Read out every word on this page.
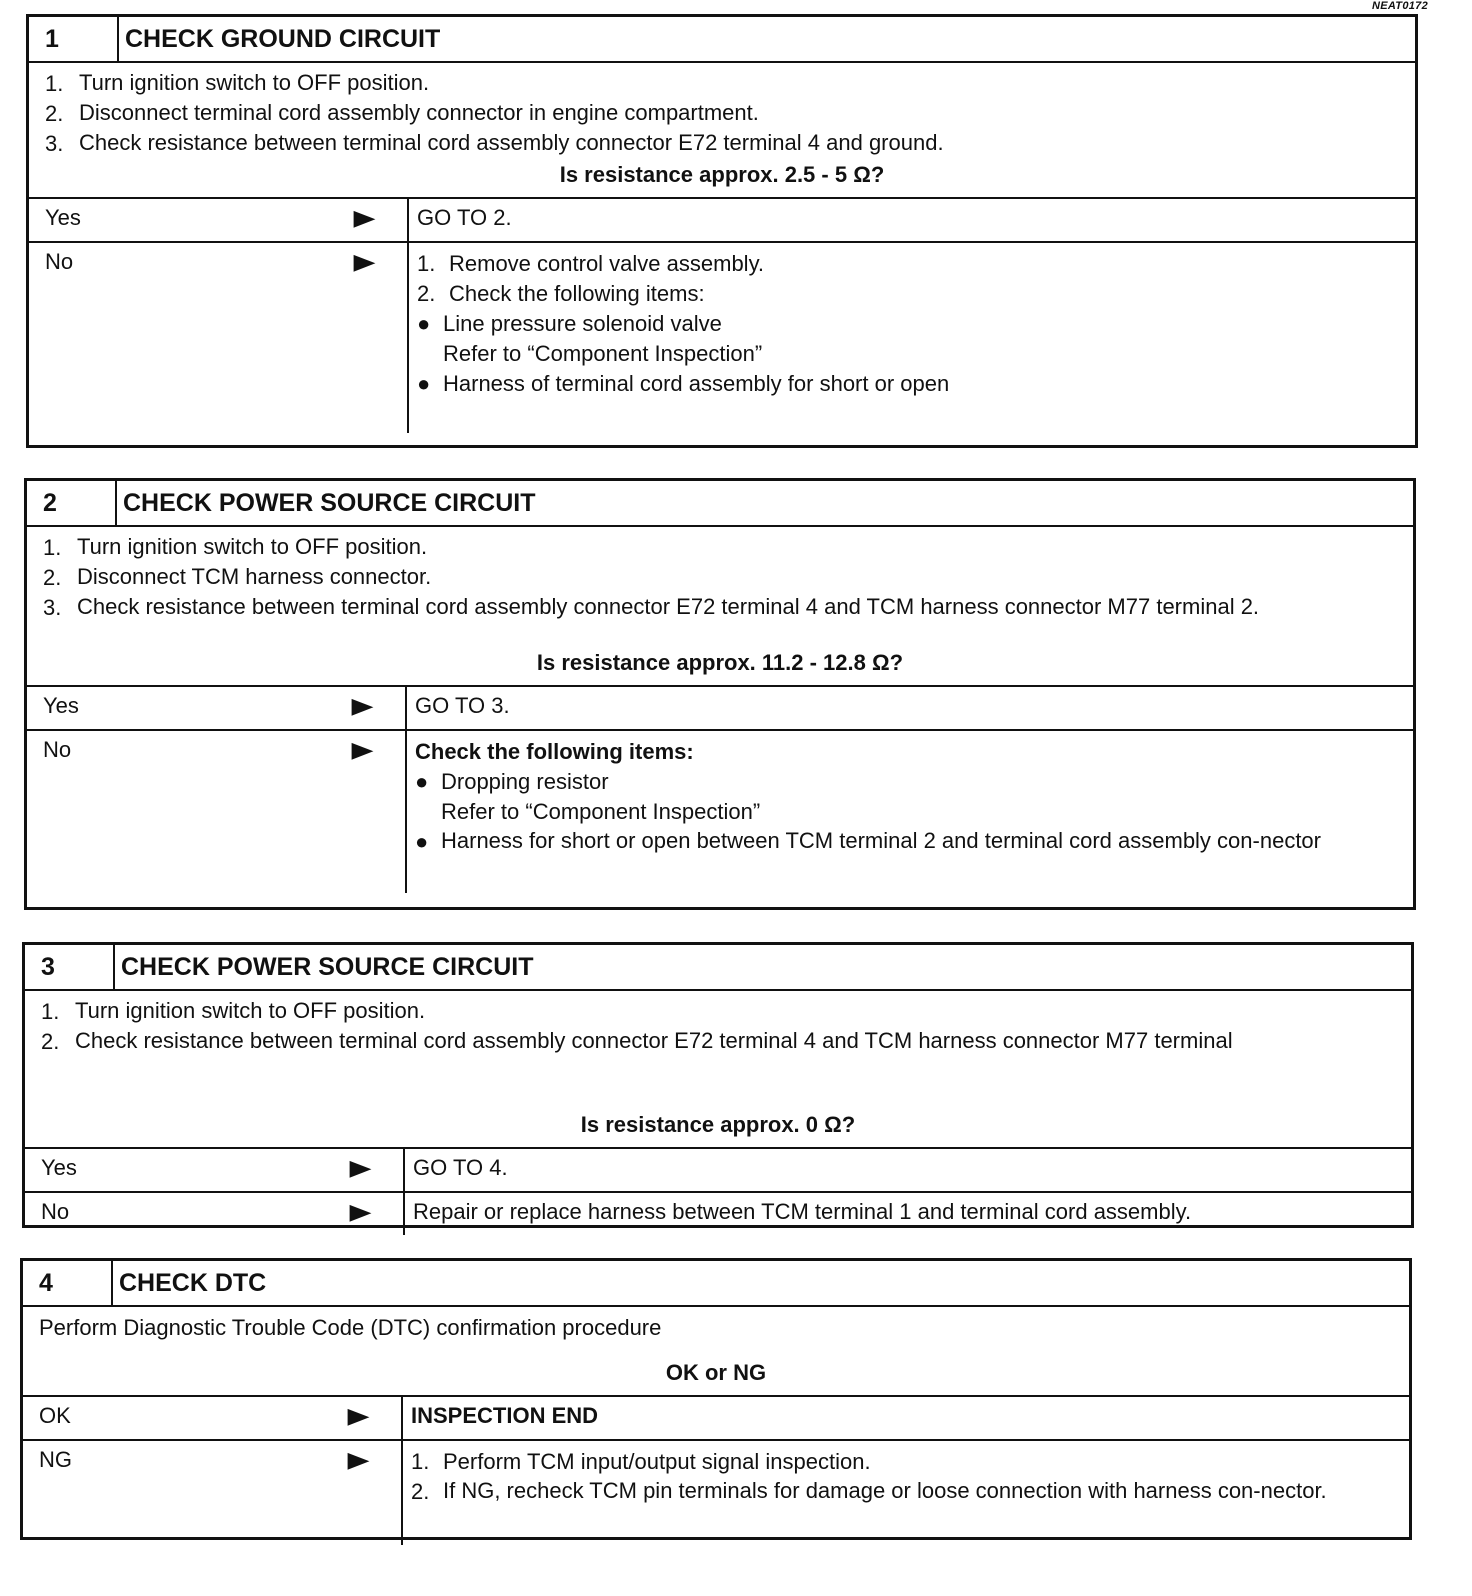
NEAT0172
1	CHECK GROUND CIRCUIT
1. Turn ignition switch to OFF position.
2. Disconnect terminal cord assembly connector in engine compartment.
3. Check resistance between terminal cord assembly connector E72 terminal 4 and ground.
Is resistance approx. 2.5 - 5 Ω?
Yes	▶	GO TO 2.
No	▶ 1. Remove control valve assembly.
2. Check the following items:
● Line pressure solenoid valve
Refer to “Component Inspection”
● Harness of terminal cord assembly for short or open
2	CHECK POWER SOURCE CIRCUIT
1. Turn ignition switch to OFF position.
2. Disconnect TCM harness connector.
3. Check resistance between terminal cord assembly connector E72 terminal 4 and TCM harness connector M77 terminal 2.
Is resistance approx. 11.2 - 12.8 Ω?
Yes	▶	GO TO 3.
No	▶ Check the following items:
● Dropping resistor
Refer to “Component Inspection”
● Harness for short or open between TCM terminal 2 and terminal cord assembly con-nector
3	CHECK POWER SOURCE CIRCUIT
1. Turn ignition switch to OFF position.
2. Check resistance between terminal cord assembly connector E72 terminal 4 and TCM harness connector M77 terminal
Is resistance approx. 0 Ω?
Yes	▶	GO TO 4.
No	▶	Repair or replace harness between TCM terminal 1 and terminal cord assembly.
4	CHECK DTC
Perform Diagnostic Trouble Code (DTC) confirmation procedure
OK or NG
OK	▶	INSPECTION END
NG	▶ 1. Perform TCM input/output signal inspection.
2. If NG, recheck TCM pin terminals for damage or loose connection with harness con-nector.
